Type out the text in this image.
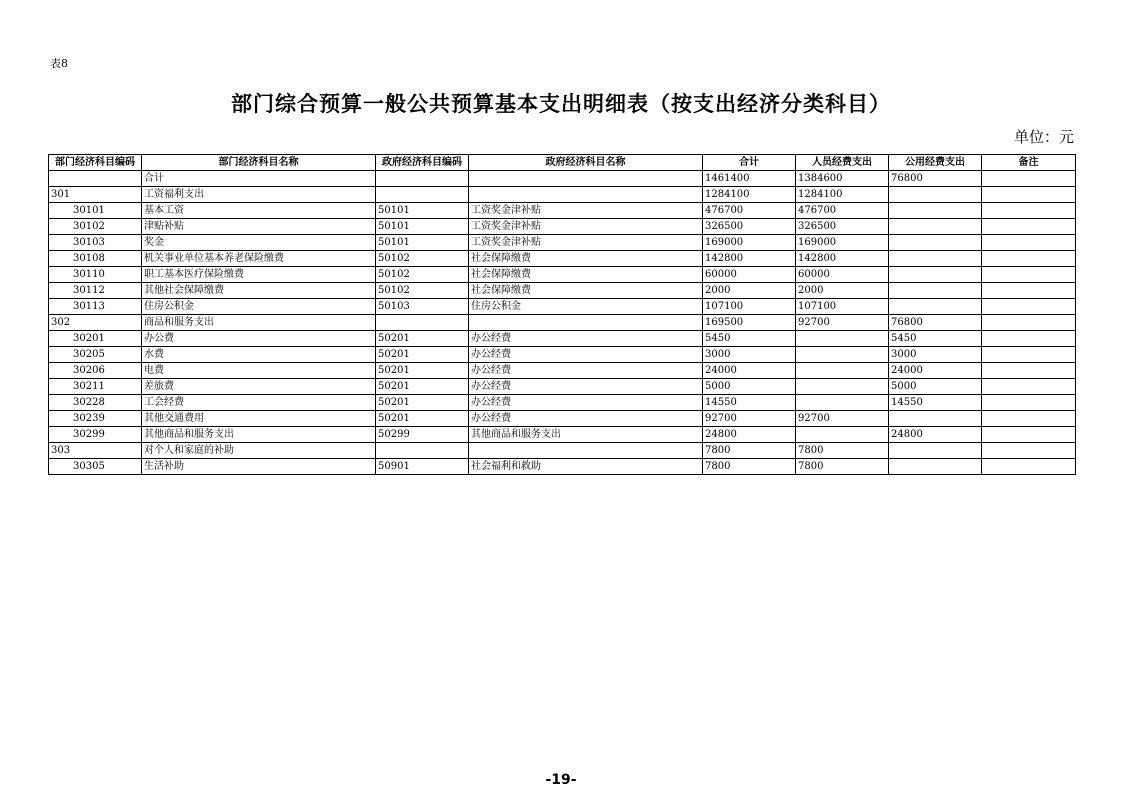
表8
部门综合预算一般公共预算基本支出明细表（按支出经济分类科目）
单位：元
部门经济科目编码	部门经济科目名称	政府经济科目编码	政府经济科目名称	合计	人员经费支出	公用经费支出	备注
	合计			1461400	1384600	76800	
301	工资福利支出			1284100	1284100		
30101	基本工资	50101	工资奖金津补贴	476700	476700		
30102	津贴补贴	50101	工资奖金津补贴	326500	326500		
30103	奖金	50101	工资奖金津补贴	169000	169000		
30108	机关事业单位基本养老保险缴费	50102	社会保障缴费	142800	142800		
30110	职工基本医疗保险缴费	50102	社会保障缴费	60000	60000		
30112	其他社会保障缴费	50102	社会保障缴费	2000	2000		
30113	住房公积金	50103	住房公积金	107100	107100		
302	商品和服务支出			169500	92700	76800	
30201	办公费	50201	办公经费	5450		5450	
30205	水费	50201	办公经费	3000		3000	
30206	电费	50201	办公经费	24000		24000	
30211	差旅费	50201	办公经费	5000		5000	
30228	工会经费	50201	办公经费	14550		14550	
30239	其他交通费用	50201	办公经费	92700	92700		
30299	其他商品和服务支出	50299	其他商品和服务支出	24800		24800	
303	对个人和家庭的补助			7800	7800		
30305	生活补助	50901	社会福利和救助	7800	7800		
-19-
